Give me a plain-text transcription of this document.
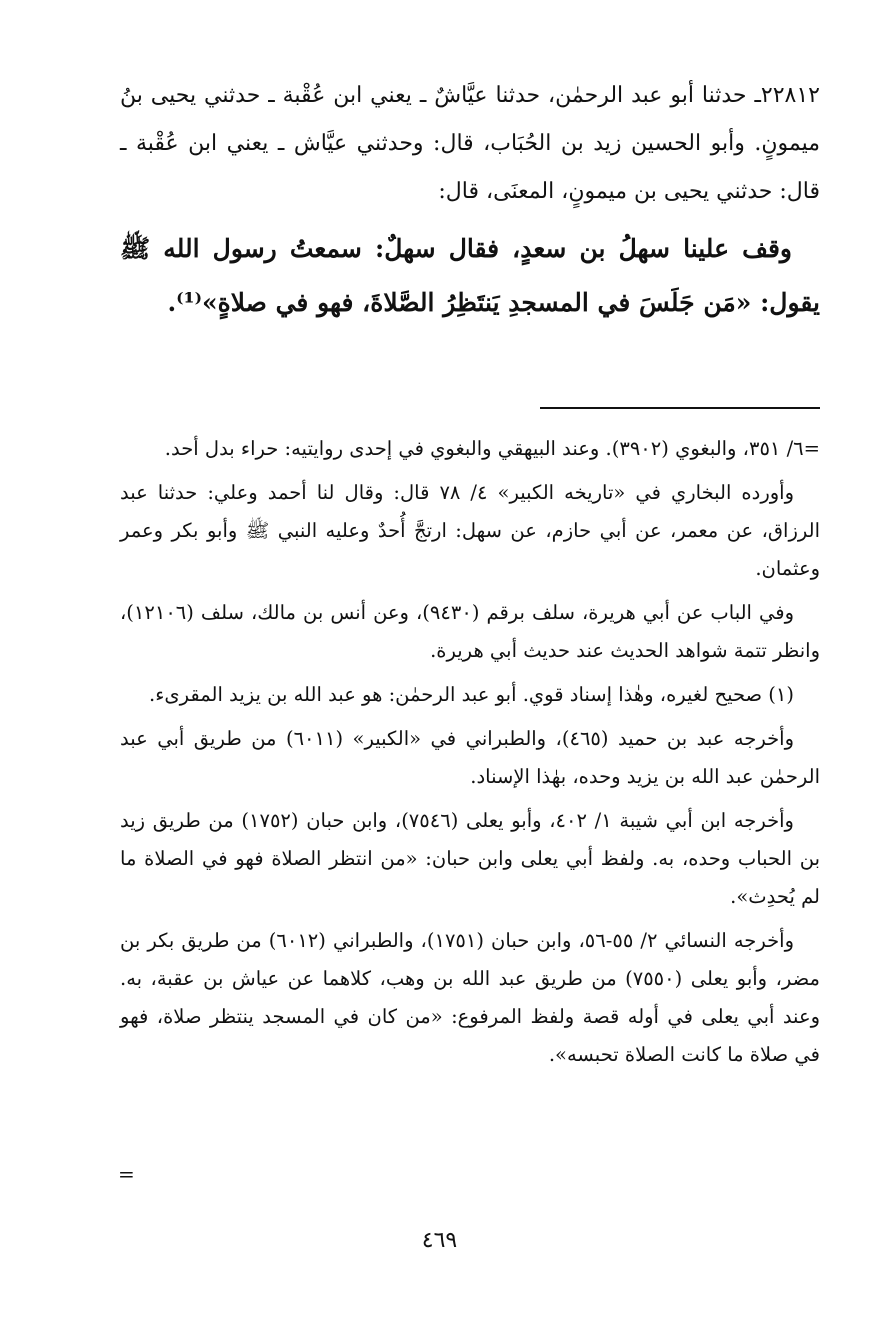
٢٢٨١٢ـ حدثنا أبو عبد الرحمٰن، حدثنا عيَّاشٌ ـ يعني ابن عُقْبة ـ حدثني يحيى بنُ ميمونٍ. وأبو الحسين زيد بن الحُبَاب، قال: وحدثني عيَّاش ـ يعني ابن عُقْبة ـ قال: حدثني يحيى بن ميمونٍ، المعنَى، قال:

وقف علينا سهلُ بن سعدٍ، فقال سهلٌ: سمعتُ رسول الله ﷺ يقول: «مَن جَلَسَ في المسجدِ يَنتَظِرُ الصَّلاةَ، فهو في صلاةٍ»⁽¹⁾.

=٦/ ٣٥١، والبغوي (٣٩٠٢). وعند البيهقي والبغوي في إحدى روايتيه: حراء بدل أحد.

وأورده البخاري في «تاريخه الكبير» ٤/ ٧٨ قال: وقال لنا أحمد وعلي: حدثنا عبد الرزاق، عن معمر، عن أبي حازم، عن سهل: ارتجَّ أُحدٌ وعليه النبي ﷺ وأبو بكر وعمر وعثمان.

وفي الباب عن أبي هريرة، سلف برقم (٩٤٣٠)، وعن أنس بن مالك، سلف (١٢١٠٦)، وانظر تتمة شواهد الحديث عند حديث أبي هريرة.

(١) صحيح لغيره، وهٰذا إسناد قوي. أبو عبد الرحمٰن: هو عبد الله بن يزيد المقرىء.

وأخرجه عبد بن حميد (٤٦٥)، والطبراني في «الكبير» (٦٠١١) من طريق أبي عبد الرحمٰن عبد الله بن يزيد وحده، بهٰذا الإسناد.

وأخرجه ابن أبي شيبة ١/ ٤٠٢، وأبو يعلى (٧٥٤٦)، وابن حبان (١٧٥٢) من طريق زيد بن الحباب وحده، به. ولفظ أبي يعلى وابن حبان: «من انتظر الصلاة فهو في الصلاة ما لم يُحدِث».

وأخرجه النسائي ٢/ ٥٥-٥٦، وابن حبان (١٧٥١)، والطبراني (٦٠١٢) من طريق بكر بن مضر، وأبو يعلى (٧٥٥٠) من طريق عبد الله بن وهب، كلاهما عن عياش بن عقبة، به. وعند أبي يعلى في أوله قصة ولفظ المرفوع: «من كان في المسجد ينتظر صلاة، فهو في صلاة ما كانت الصلاة تحبسه».

=
٤٦٩
